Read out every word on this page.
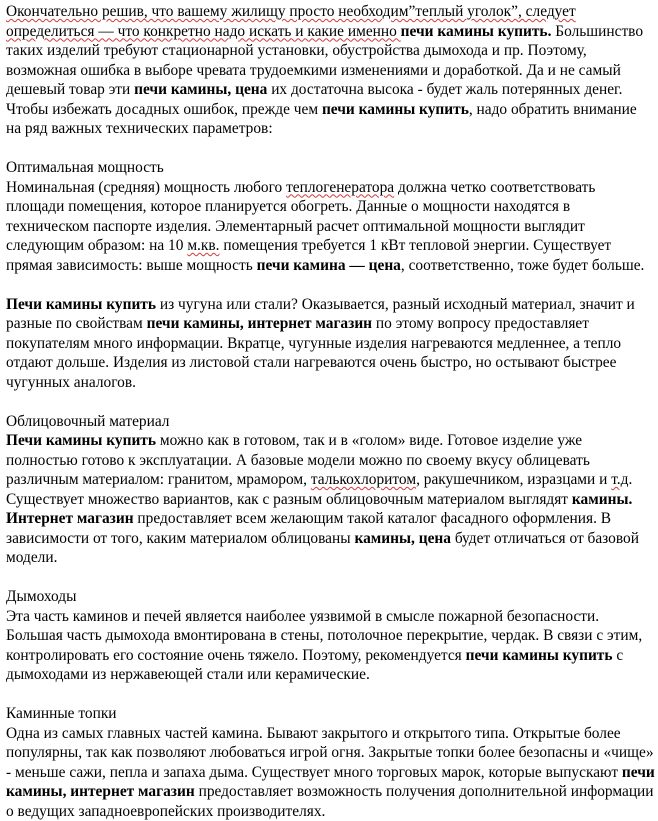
Окончательно решив, что вашему жилищу просто необходим”теплый уголок”, следует определиться — что конкретно надо искать и какие именно печи камины купить. Большинство таких изделий требуют стационарной установки, обустройства дымохода и пр. Поэтому, возможная ошибка в выборе чревата трудоемкими изменениями и доработкой. Да и не самый дешевый товар эти печи камины, цена их достаточна высока - будет жаль потерянных денег. Чтобы избежать досадных ошибок, прежде чем печи камины купить, надо обратить внимание на ряд важных технических параметров:
Оптимальная мощность
Номинальная (средняя) мощность любого теплогенератора должна четко соответствовать площади помещения, которое планируется обогреть. Данные о мощности находятся в техническом паспорте изделия. Элементарный расчет оптимальной мощности выглядит следующим образом: на 10 м.кв. помещения требуется 1 кВт тепловой энергии. Существует прямая зависимость: выше мощность печи камина — цена, соответственно, тоже будет больше.
Печи камины купить из чугуна или стали? Оказывается, разный исходный материал, значит и разные по свойствам печи камины, интернет магазин по этому вопросу предоставляет покупателям много информации. Вкратце, чугунные изделия нагреваются медленнее, а тепло отдают дольше. Изделия из листовой стали нагреваются очень быстро, но остывают быстрее чугунных аналогов.
Облицовочный материал
Печи камины купить можно как в готовом, так и в «голом» виде. Готовое изделие уже полностью готово к эксплуатации. А базовые модели можно по своему вкусу облицевать различным материалом: гранитом, мрамором, талькохлоритом, ракушечником, изразцами и т.д. Существует множество вариантов, как с разным облицовочным материалом выглядят камины. Интернет магазин предоставляет всем желающим такой каталог фасадного оформления. В зависимости от того, каким материалом облицованы камины, цена будет отличаться от базовой модели.
Дымоходы
Эта часть каминов и печей является наиболее уязвимой в смысле пожарной безопасности. Большая часть дымохода вмонтирована в стены, потолочное перекрытие, чердак. В связи с этим, контролировать его состояние очень тяжело. Поэтому, рекомендуется печи камины купить с дымоходами из нержавеющей стали или керамические.
Каминные топки
Одна из самых главных частей камина. Бывают закрытого и открытого типа. Открытые более популярны, так как позволяют любоваться игрой огня. Закрытые топки более безопасны и «чище» - меньше сажи, пепла и запаха дыма. Существует много торговых марок, которые выпускают печи камины, интернет магазин предоставляет возможность получения дополнительной информации о ведущих западноевропейских производителях.
